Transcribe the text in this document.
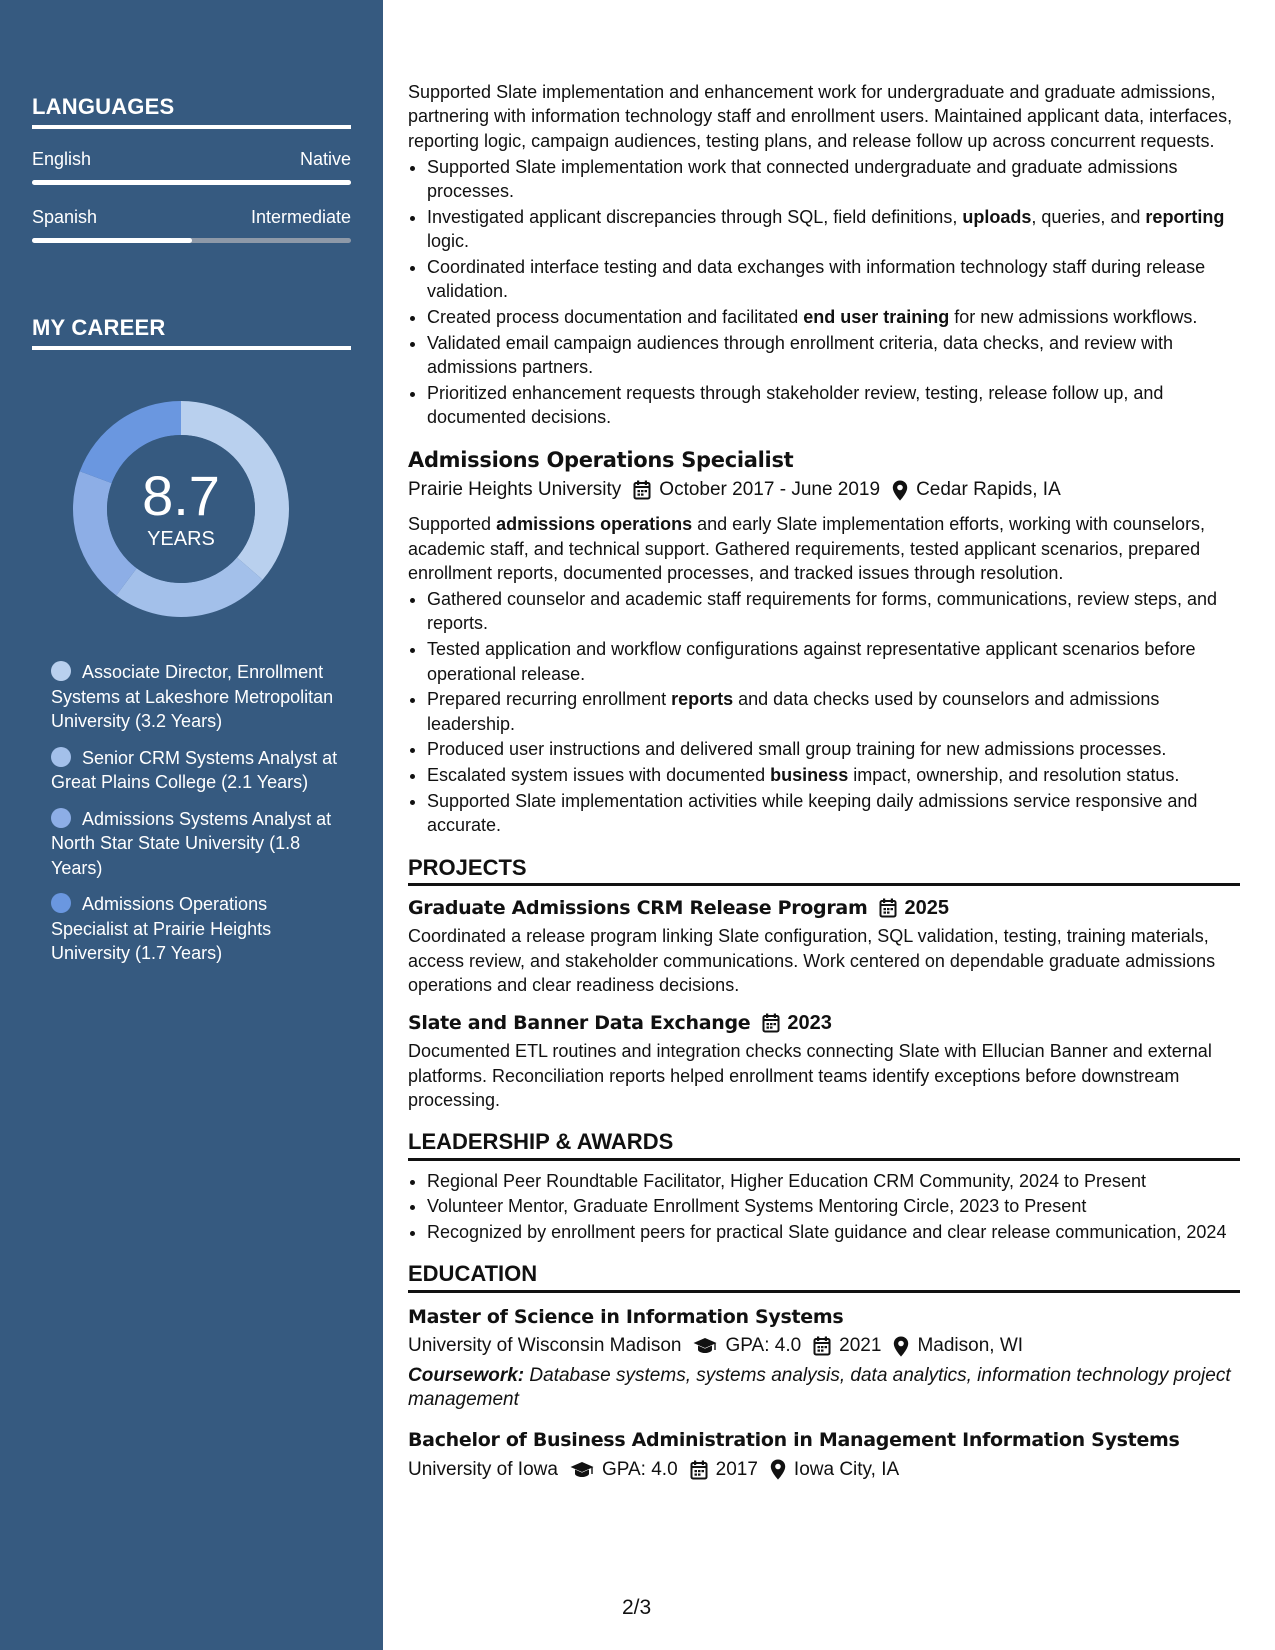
LANGUAGES
English	Native
Spanish	Intermediate
MY CAREER
8.7
YEARS
Associate Director, Enrollment Systems at Lakeshore Metropolitan University (3.2 Years)
Senior CRM Systems Analyst at Great Plains College (2.1 Years)
Admissions Systems Analyst at North Star State University (1.8 Years)
Admissions Operations Specialist at Prairie Heights University (1.7 Years)

Supported Slate implementation and enhancement work for undergraduate and graduate admissions, partnering with information technology staff and enrollment users. Maintained applicant data, interfaces, reporting logic, campaign audiences, testing plans, and release follow up across concurrent requests.

• Supported Slate implementation work that connected undergraduate and graduate admissions processes.
• Investigated applicant discrepancies through SQL, field definitions, uploads, queries, and reporting logic.
• Coordinated interface testing and data exchanges with information technology staff during release validation.
• Created process documentation and facilitated end user training for new admissions workflows.
• Validated email campaign audiences through enrollment criteria, data checks, and review with admissions partners.
• Prioritized enhancement requests through stakeholder review, testing, release follow up, and documented decisions.
Admissions Operations Specialist
Prairie Heights University October 2017 - June 2019 Cedar Rapids, IA

Supported admissions operations and early Slate implementation efforts, working with counselors, academic staff, and technical support. Gathered requirements, tested applicant scenarios, prepared enrollment reports, documented processes, and tracked issues through resolution.

• Gathered counselor and academic staff requirements for forms, communications, review steps, and reports.
• Tested application and workflow configurations against representative applicant scenarios before operational release.
• Prepared recurring enrollment reports and data checks used by counselors and admissions leadership.
• Produced user instructions and delivered small group training for new admissions processes.
• Escalated system issues with documented business impact, ownership, and resolution status.
• Supported Slate implementation activities while keeping daily admissions service responsive and accurate.
PROJECTS
Graduate Admissions CRM Release Program 2025

Coordinated a release program linking Slate configuration, SQL validation, testing, training materials, access review, and stakeholder communications. Work centered on dependable graduate admissions operations and clear readiness decisions.

Slate and Banner Data Exchange 2023

Documented ETL routines and integration checks connecting Slate with Ellucian Banner and external platforms. Reconciliation reports helped enrollment teams identify exceptions before downstream processing.

LEADERSHIP & AWARDS
• Regional Peer Roundtable Facilitator, Higher Education CRM Community, 2024 to Present
• Volunteer Mentor, Graduate Enrollment Systems Mentoring Circle, 2023 to Present
• Recognized by enrollment peers for practical Slate guidance and clear release communication, 2024
EDUCATION
Master of Science in Information Systems
University of Wisconsin Madison GPA: 4.0 2021 Madison, WI

Coursework: Database systems, systems analysis, data analytics, information technology project management

Bachelor of Business Administration in Management Information Systems
University of Iowa GPA: 4.0 2017 Iowa City, IA
2/3
